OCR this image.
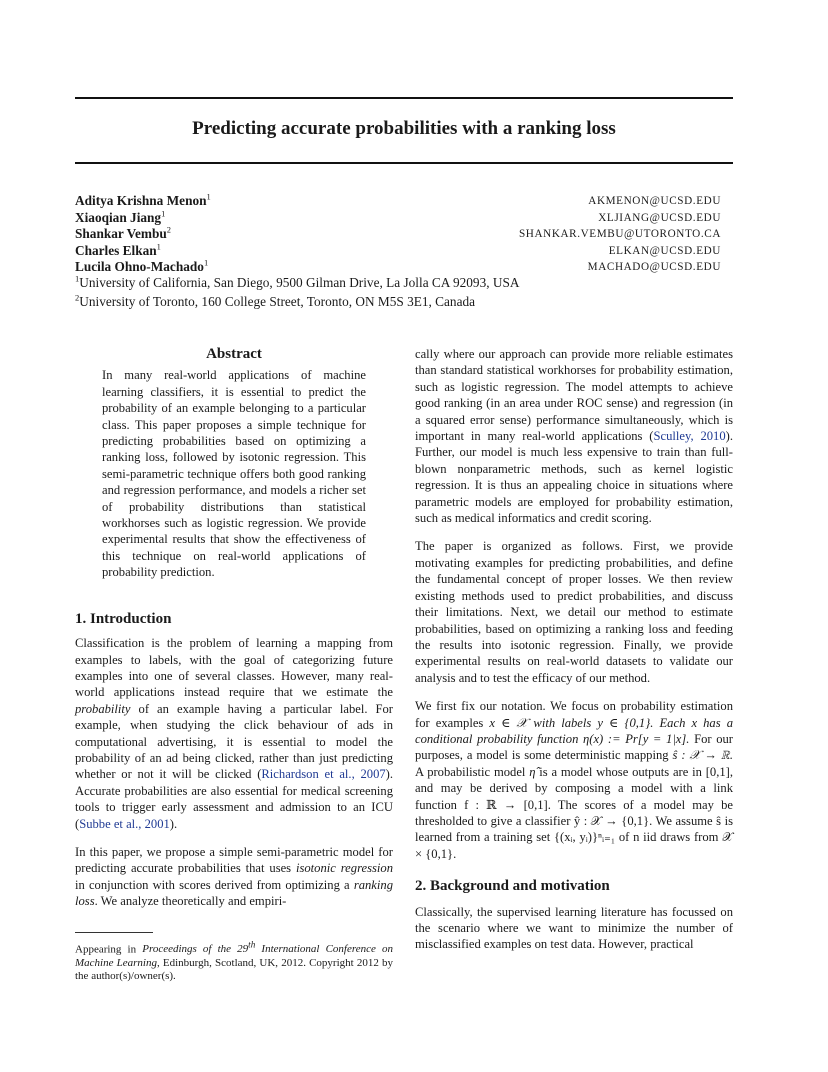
Predicting accurate probabilities with a ranking loss
Aditya Krishna Menon$^1$	AKMENON@UCSD.EDU
Xiaoqian Jiang$^1$	XLJIANG@UCSD.EDU
Shankar Vembu$^2$	SHANKAR.VEMBU@UTORONTO.CA
Charles Elkan$^1$	ELKAN@UCSD.EDU
Lucila Ohno-Machado$^1$	MACHADO@UCSD.EDU
$^1$University of California, San Diego, 9500 Gilman Drive, La Jolla CA 92093, USA
$^2$University of Toronto, 160 College Street, Toronto, ON M5S 3E1, Canada
Abstract

In many real-world applications of machine learning classifiers, it is essential to predict the probability of an example belonging to a particular class. This paper proposes a simple technique for predicting probabilities based on optimizing a ranking loss, followed by isotonic regression. This semi-parametric technique offers both good ranking and regression performance, and models a richer set of probability distributions than statistical workhorses such as logistic regression. We provide experimental results that show the effectiveness of this technique on real-world applications of probability prediction.

1. Introduction

Classification is the problem of learning a mapping from examples to labels, with the goal of categorizing future examples into one of several classes. However, many real-world applications instead require that we estimate the probability of an example having a particular label. For example, when studying the click behaviour of ads in computational advertising, it is essential to model the probability of an ad being clicked, rather than just predicting whether or not it will be clicked (Richardson et al., 2007). Accurate probabilities are also essential for medical screening tools to trigger early assessment and admission to an ICU (Subbe et al., 2001).

In this paper, we propose a simple semi-parametric model for predicting accurate probabilities that uses isotonic regression in conjunction with scores derived from optimizing a ranking loss. We analyze theoretically and empiri-

Appearing in Proceedings of the 29th International Conference on Machine Learning, Edinburgh, Scotland, UK, 2012. Copyright 2012 by the author(s)/owner(s).

cally where our approach can provide more reliable estimates than standard statistical workhorses for probability estimation, such as logistic regression. The model attempts to achieve good ranking (in an area under ROC sense) and regression (in a squared error sense) performance simultaneously, which is important in many real-world applications (Sculley, 2010). Further, our model is much less expensive to train than full-blown nonparametric methods, such as kernel logistic regression. It is thus an appealing choice in situations where parametric models are employed for probability estimation, such as medical informatics and credit scoring.

The paper is organized as follows. First, we provide motivating examples for predicting probabilities, and define the fundamental concept of proper losses. We then review existing methods used to predict probabilities, and discuss their limitations. Next, we detail our method to estimate probabilities, based on optimizing a ranking loss and feeding the results into isotonic regression. Finally, we provide experimental results on real-world datasets to validate our analysis and to test the efficacy of our method.

We first fix our notation. We focus on probability estimation for examples x ∈ 𝒳 with labels y ∈ {0,1}. Each x has a conditional probability function η(x) := Pr[y = 1|x]. For our purposes, a model is some deterministic mapping ŝ : 𝒳 → ℝ. A probabilistic model η̂ is a model whose outputs are in [0,1], and may be derived by composing a model with a link function f : ℝ → [0,1]. The scores of a model may be thresholded to give a classifier ŷ : 𝒳 → {0,1}. We assume ŝ is learned from a training set {(xᵢ, yᵢ)}ⁿᵢ₌₁ of n iid draws from 𝒳 × {0,1}.

2. Background and motivation

Classically, the supervised learning literature has focussed on the scenario where we want to minimize the number of misclassified examples on test data. However, practical
